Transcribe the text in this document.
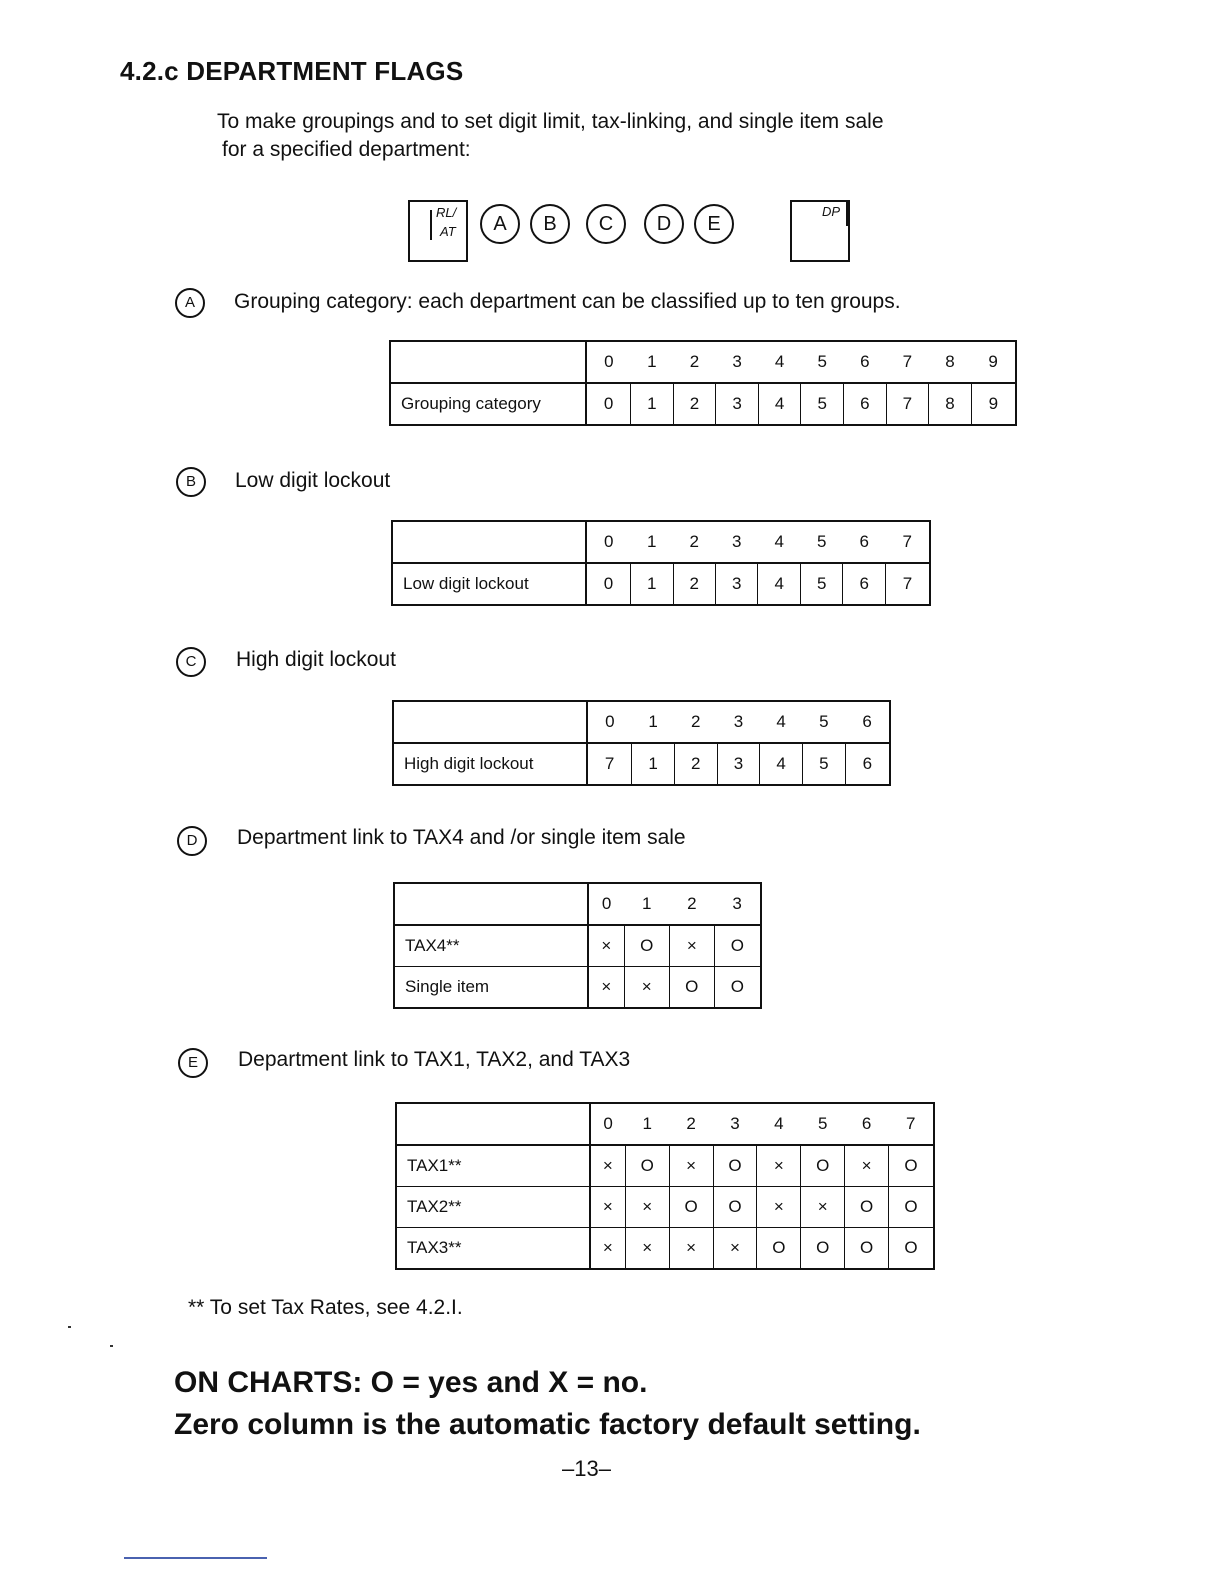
4.2.c DEPARTMENT FLAGS
To make groupings and to set digit limit, tax-linking, and single item sale
for a specified department:
RL/
AT	A	B	C	D	E
DP
A	Grouping category: each department can be classified up to ten groups.
	0	1	2	3	4	5	6	7	8	9
Grouping category	0	1	2	3	4	5	6	7	8	9
B	Low digit lockout
	0	1	2	3	4	5	6	7
Low digit lockout	0	1	2	3	4	5	6	7
C	High digit lockout
	0	1	2	3	4	5	6
High digit lockout	7	1	2	3	4	5	6
D	Department link to TAX4 and /or single item sale
	0	1	2	3
TAX4**	×	O	×	O
Single item	×	×	O	O
E	Department link to TAX1, TAX2, and TAX3
	0	1	2	3	4	5	6	7
TAX1**	×	O	×	O	×	O	×	O
TAX2**	×	×	O	O	×	×	O	O
TAX3**	×	×	×	×	O	O	O	O
** To set Tax Rates, see 4.2.I.
ON CHARTS: O = yes and X = no.
Zero column is the automatic factory default setting.
–13–
